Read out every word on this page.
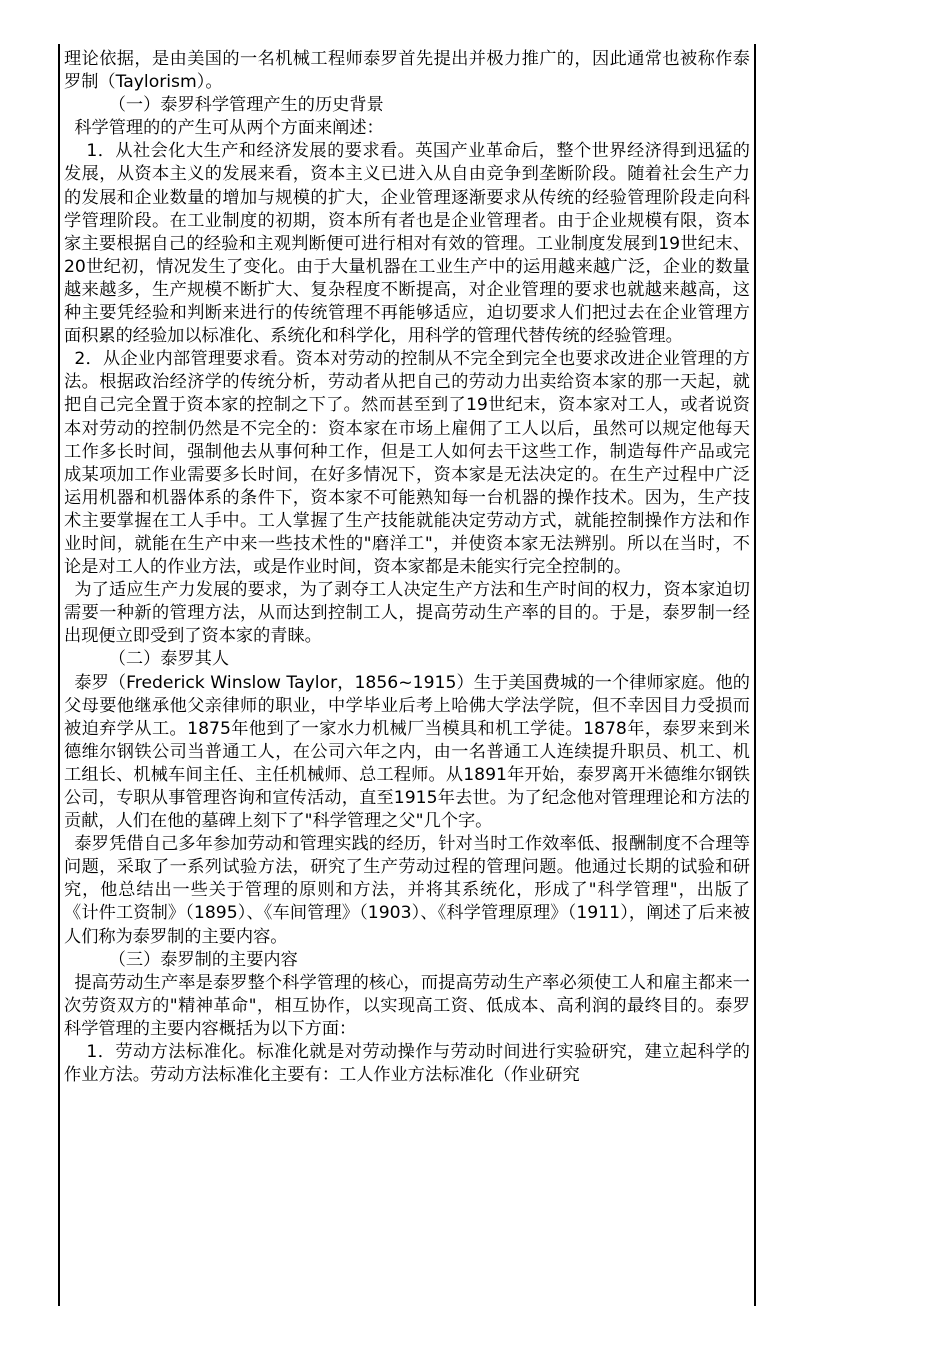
理论依据，是由美国的一名机械工程师泰罗首先提出并极力推广的，因此通常也被称作泰罗制（Taylorism）。

（一）泰罗科学管理产生的历史背景

科学管理的的产生可从两个方面来阐述：

1．从社会化大生产和经济发展的要求看。英国产业革命后，整个世界经济得到迅猛的发展，从资本主义的发展来看，资本主义已进入从自由竞争到垄断阶段。随着社会生产力的发展和企业数量的增加与规模的扩大，企业管理逐渐要求从传统的经验管理阶段走向科学管理阶段。在工业制度的初期，资本所有者也是企业管理者。由于企业规模有限，资本家主要根据自己的经验和主观判断便可进行相对有效的管理。工业制度发展到19世纪末、20世纪初，情况发生了变化。由于大量机器在工业生产中的运用越来越广泛，企业的数量越来越多，生产规模不断扩大、复杂程度不断提高，对企业管理的要求也就越来越高，这种主要凭经验和判断来进行的传统管理不再能够适应，迫切要求人们把过去在企业管理方面积累的经验加以标准化、系统化和科学化，用科学的管理代替传统的经验管理。

2．从企业内部管理要求看。资本对劳动的控制从不完全到完全也要求改进企业管理的方法。根据政治经济学的传统分析，劳动者从把自己的劳动力出卖给资本家的那一天起，就把自己完全置于资本家的控制之下了。然而甚至到了19世纪末，资本家对工人，或者说资本对劳动的控制仍然是不完全的：资本家在市场上雇佣了工人以后，虽然可以规定他每天工作多长时间，强制他去从事何种工作，但是工人如何去干这些工作，制造每件产品或完成某项加工作业需要多长时间，在好多情况下，资本家是无法决定的。在生产过程中广泛运用机器和机器体系的条件下，资本家不可能熟知每一台机器的操作技术。因为，生产技术主要掌握在工人手中。工人掌握了生产技能就能决定劳动方式，就能控制操作方法和作业时间，就能在生产中来一些技术性的"磨洋工"，并使资本家无法辨别。所以在当时，不论是对工人的作业方法，或是作业时间，资本家都是未能实行完全控制的。

为了适应生产力发展的要求，为了剥夺工人决定生产方法和生产时间的权力，资本家迫切需要一种新的管理方法，从而达到控制工人，提高劳动生产率的目的。于是，泰罗制一经出现便立即受到了资本家的青睐。

（二）泰罗其人

泰罗（Frederick Winslow Taylor，1856~1915）生于美国费城的一个律师家庭。他的父母要他继承他父亲律师的职业，中学毕业后考上哈佛大学法学院，但不幸因目力受损而被迫弃学从工。1875年他到了一家水力机械厂当模具和机工学徒。1878年，泰罗来到米德维尔钢铁公司当普通工人，在公司六年之内，由一名普通工人连续提升职员、机工、机工组长、机械车间主任、主任机械师、总工程师。从1891年开始，泰罗离开米德维尔钢铁公司，专职从事管理咨询和宣传活动，直至1915年去世。为了纪念他对管理理论和方法的贡献，人们在他的墓碑上刻下了"科学管理之父"几个字。

泰罗凭借自己多年参加劳动和管理实践的经历，针对当时工作效率低、报酬制度不合理等问题，采取了一系列试验方法，研究了生产劳动过程的管理问题。他通过长期的试验和研究，他总结出一些关于管理的原则和方法，并将其系统化，形成了"科学管理"，出版了《计件工资制》（1895）、《车间管理》（1903）、《科学管理原理》（1911），阐述了后来被人们称为泰罗制的主要内容。

（三）泰罗制的主要内容

提高劳动生产率是泰罗整个科学管理的核心，而提高劳动生产率必须使工人和雇主都来一次劳资双方的"精神革命"，相互协作，以实现高工资、低成本、高利润的最终目的。泰罗科学管理的主要内容概括为以下方面：

1．劳动方法标准化。标准化就是对劳动操作与劳动时间进行实验研究，建立起科学的作业方法。劳动方法标准化主要有：工人作业方法标准化（作业研究
